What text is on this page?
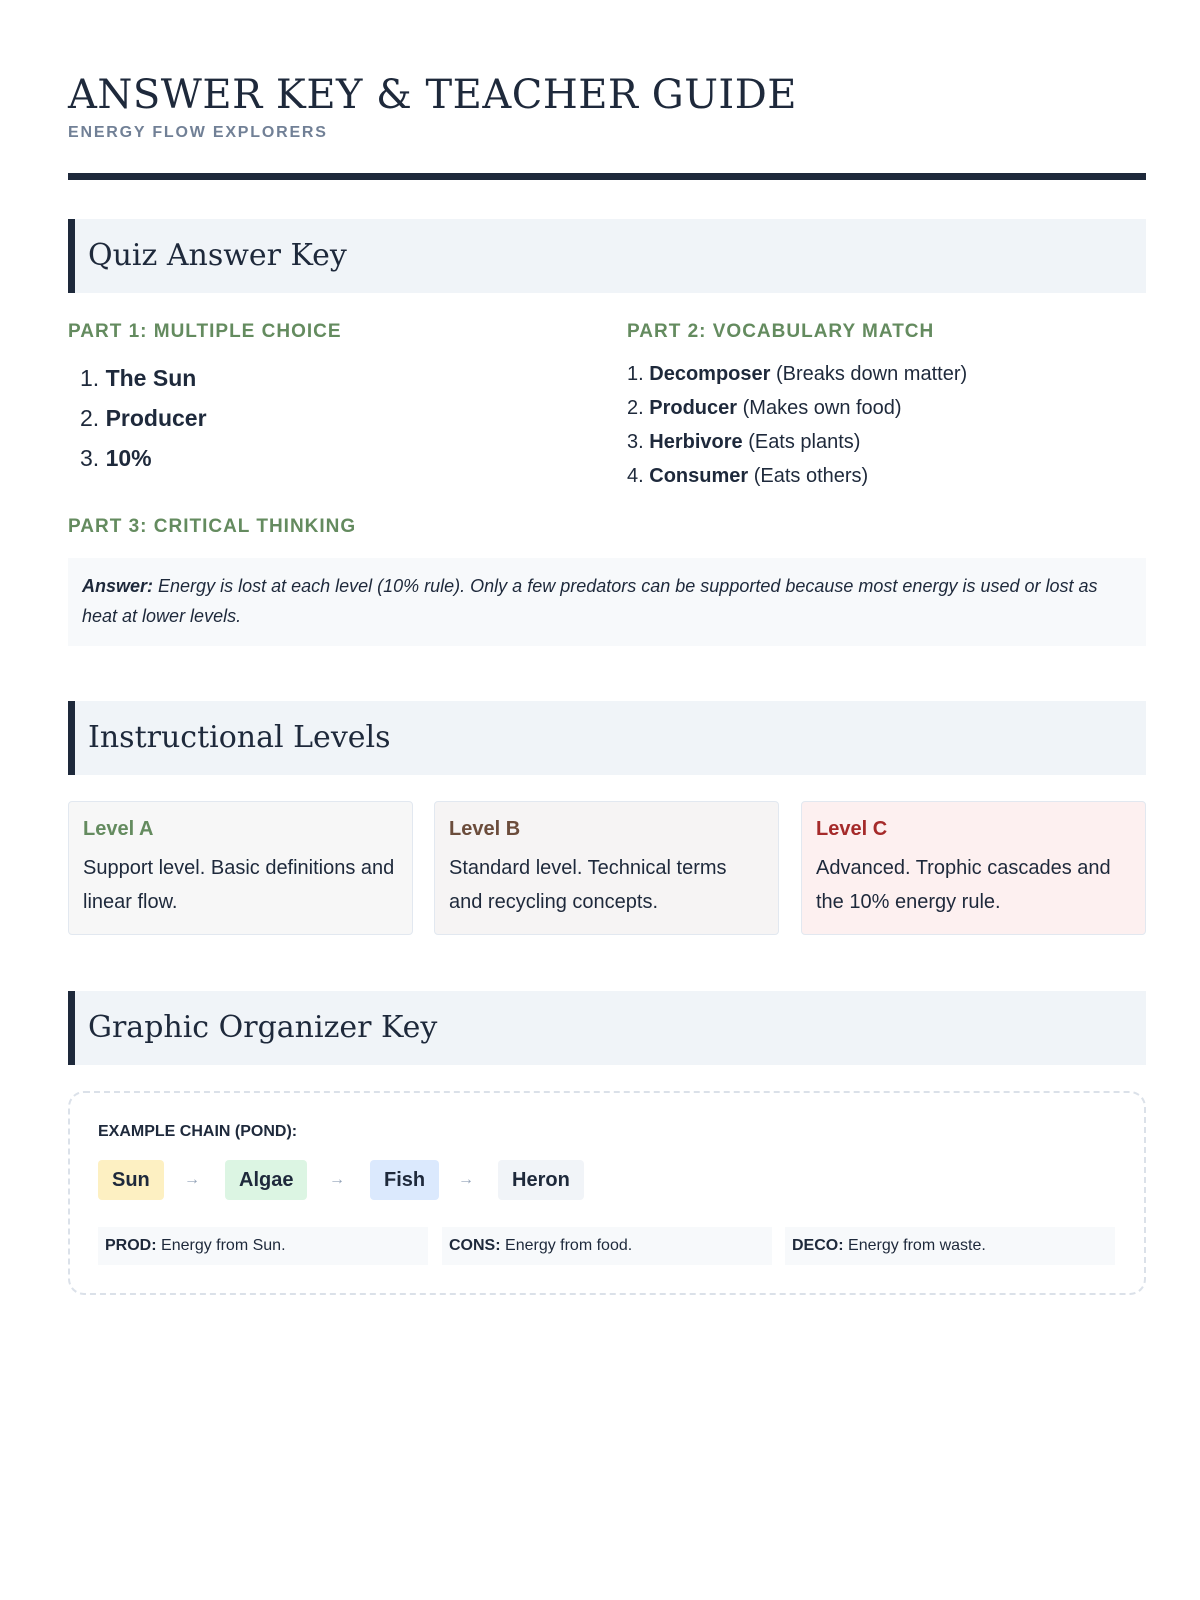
ANSWER KEY & TEACHER GUIDE
ENERGY FLOW EXPLORERS
Quiz Answer Key
PART 1: MULTIPLE CHOICE
1. The Sun
2. Producer
3. 10%
PART 2: VOCABULARY MATCH
1. Decomposer (Breaks down matter)
2. Producer (Makes own food)
3. Herbivore (Eats plants)
4. Consumer (Eats others)
PART 3: CRITICAL THINKING
Answer: Energy is lost at each level (10% rule). Only a few predators can be supported because most energy is used or lost as heat at lower levels.
Instructional Levels
Level A
Support level. Basic definitions and linear flow.
Level B
Standard level. Technical terms and recycling concepts.
Level C
Advanced. Trophic cascades and the 10% energy rule.
Graphic Organizer Key
EXAMPLE CHAIN (POND):
Sun	→	Algae	→	Fish	→	Heron
PROD: Energy from Sun.	CONS: Energy from food.	DECO: Energy from waste.
